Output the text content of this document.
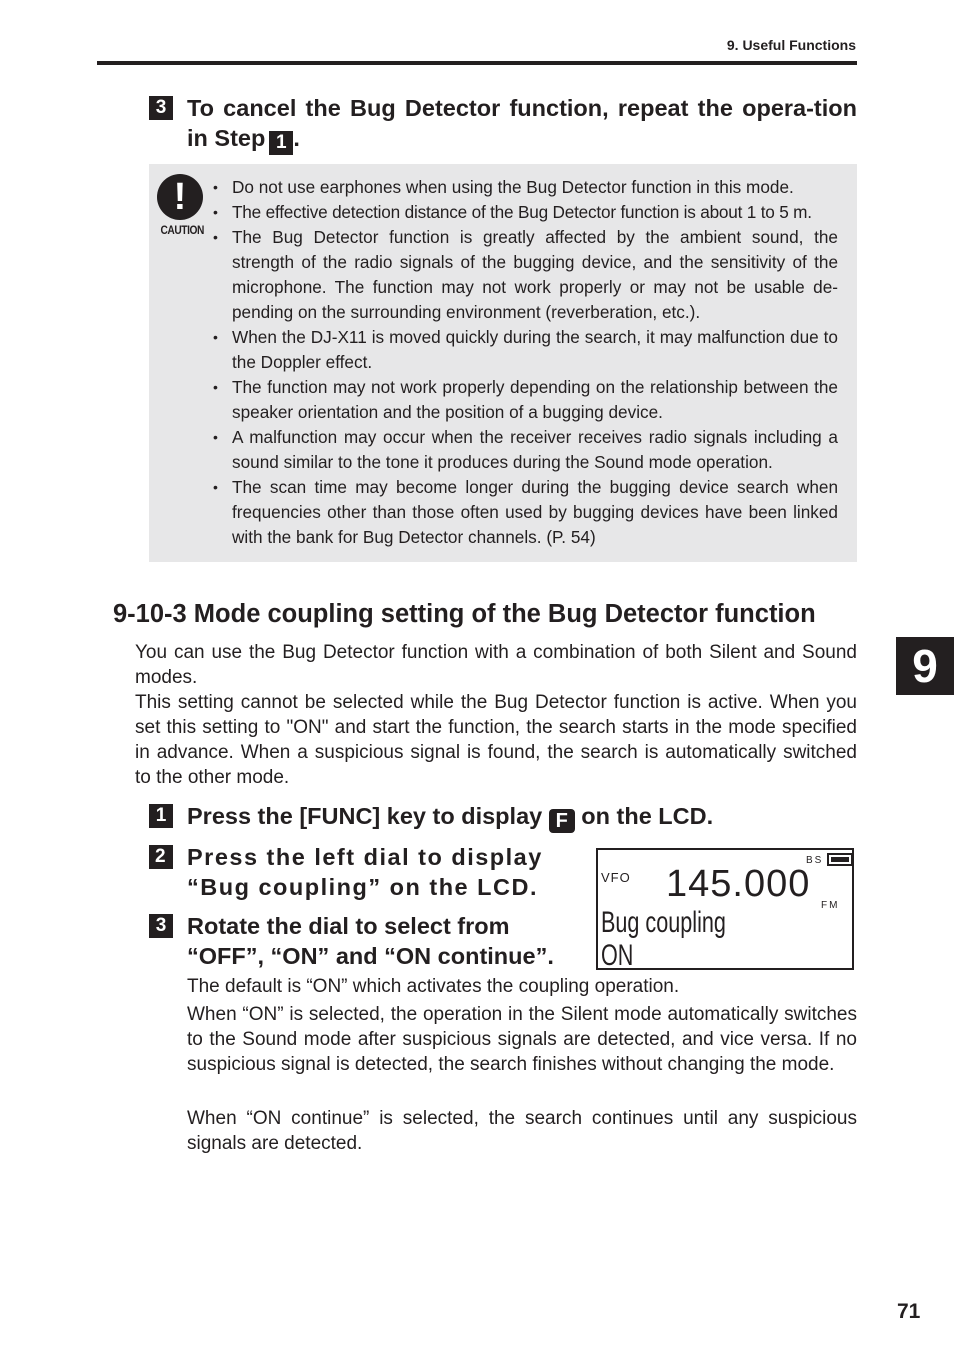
9. Useful Functions
3 To cancel the Bug Detector function, repeat the opera-tion in Step 1 .
!
CAUTION
• Do not use earphones when using the Bug Detector function in this mode.
• The effective detection distance of the Bug Detector function is about 1 to 5 m.
• The Bug Detector function is greatly affected by the ambient sound, the strength of the radio signals of the bugging device, and the sensitivity of the microphone. The function may not work properly or may not be usable de-pending on the surrounding environment (reverberation, etc.).
• When the DJ-X11 is moved quickly during the search, it may malfunction due to the Doppler effect.
• The function may not work properly depending on the relationship between the speaker orientation and the position of a bugging device.
• A malfunction may occur when the receiver receives radio signals including a sound similar to the tone it produces during the Sound mode operation.
• The scan time may become longer during the bugging device search when frequencies other than those often used by bugging devices have been linked with the bank for Bug Detector channels. (P. 54)
9-10-3 Mode coupling setting of the Bug Detector function

You can use the Bug Detector function with a combination of both Silent and Sound modes.

This setting cannot be selected while the Bug Detector function is active. When you set this setting to "ON" and start the function, the search starts in the mode specified in advance. When a suspicious signal is found, the search is automatically switched to the other mode.

9
1 Press the [FUNC] key to display F on the LCD.
2 Press the left dial to display “Bug coupling” on the LCD.
3 Rotate the dial to select from “OFF”, “ON” and “ON continue”.
VFO
BS
145.000
FM
Bug coupling
ON

The default is “ON” which activates the coupling operation.

When “ON” is selected, the operation in the Silent mode automatically switches to the Sound mode after suspicious signals are detected, and vice versa. If no suspicious signal is detected, the search finishes without changing the mode.

When “ON continue” is selected, the search continues until any suspicious signals are detected.

71
